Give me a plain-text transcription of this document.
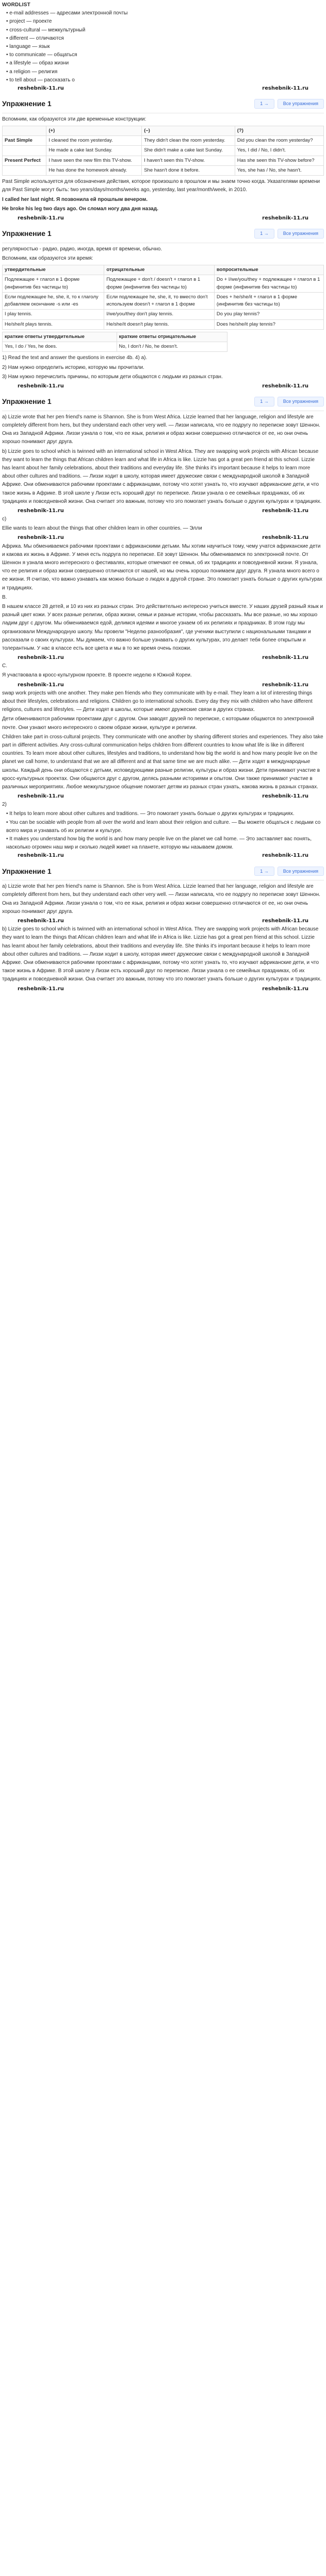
WORDLIST
• e-mail addresses — адресами электронной почты
• project — проекте
• cross-cultural — межкультурный
• different — отличаются
• language — язык
• to communicate — общаться
• a lifestyle — образ жизни
• a religion — религия
• to tell about — рассказать о
reshebnik-11.ru	reshebnik-11.ru
Упражнение 1	1 →	Все упражнения

Вспомним, как образуются эти две временные конструкции:

	(+)	(–)	(?)
Past Simple	I cleaned the room yesterday.	They didn't clean the room yesterday.	Did you clean the room yesterday?
	He made a cake last Sunday.	She didn't make a cake last Sunday.	Yes, I did / No, I didn't.
Present Perfect	I have seen the new film this TV-show.	I haven't seen this TV-show.	Has she seen this TV-show before?
	He has done the homework already.	She hasn't done it before.	Yes, she has / No, she hasn't.

Past Simple используется для обозначения действия, которое произошло в прошлом и мы знаем точно когда. Указателями времени для Past Simple могут быть: two years/days/months/weeks ago, yesterday, last year/month/week, in 2010.

I called her last night. Я позвонила ей прошлым вечером.

He broke his leg two days ago. Он сломал ногу два дня назад.

reshebnik-11.ru	reshebnik-11.ru
Упражнение 1	1 →	Все упражнения

регулярностью - радио, радио, иногда, время от времени, обычно.

Вспомним, как образуются эти время:

утвердительные	отрицательные	вопросительные
Подлежащее + глагол в 1 форме (инфинитив без частицы to)	Подлежащее + don't / doesn't + глагол в 1 форме (инфинитив без частицы to)	Do + I/we/you/they + подлежащее + глагол в 1 форме (инфинитив без частицы to)
Если подлежащее he, she, it, то к глаголу добавляем окончание -s или -es	Если подлежащее he, she, it, то вместо don't используем doesn't + глагол в 1 форме	Does + he/she/it + глагол в 1 форме (инфинитив без частицы to)
I play tennis.	I/we/you/they don't play tennis.	Do you play tennis?
He/she/it plays tennis.	He/she/it doesn't play tennis.	Does he/she/it play tennis?
краткие ответы утвердительные	краткие ответы отрицательные
Yes, I do / Yes, he does.	No, I don't / No, he doesn't.

1) Read the text and answer the questions in exercise 4b. 4) a).

2) Нам нужно определить историю, которую мы прочитали.

3) Нам нужно перечислить причины, по которым дети общаются с людьми из разных стран.

reshebnik-11.ru	reshebnik-11.ru
Упражнение 1	1 →	Все упражнения

a) Lizzie wrote that her pen friend's name is Shannon. She is from West Africa. Lizzie learned that her language, religion and lifestyle are completely different from hers, but they understand each other very well. — Лиззи написала, что ее подругу по переписке зовут Шеннон. Она из Западной Африки. Лиззи узнала о том, что ее язык, религия и образ жизни совершенно отличаются от ее, но они очень хорошо понимают друг друга.

b) Lizzie goes to school which is twinned with an international school in West Africa. They are swapping work projects with African because they want to learn the things that African children learn and what life in Africa is like. Lizzie has got a great pen friend at this school. Lizzie has learnt about her family celebrations, about their traditions and everyday life. She thinks it's important because it helps to learn more about other cultures and traditions. — Лиззи ходит в школу, которая имеет дружеские связи с международной школой в Западной Африке. Они обмениваются рабочими проектами с африканцами, потому что хотят узнать то, что изучают африканские дети, и что такое жизнь в Африке. В этой школе у Лиззи есть хороший друг по переписке. Лиззи узнала о ее семейных праздниках, об их традициях и повседневной жизни. Она считает это важным, потому что это помогает узнать больше о других культурах и традициях.

reshebnik-11.ru	reshebnik-11.ru

c)

Ellie wants to learn about the things that other children learn in other countries. — Элли

reshebnik-11.ru	reshebnik-11.ru

Африка. Мы обмениваемся рабочими проектами с африканскими детьми. Мы хотим научиться тому, чему учатся африканские дети и какова их жизнь в Африке. У меня есть подруга по переписке. Её зовут Шеннон. Мы обмениваемся по электронной почте. От Шеннон я узнала много интересного о фестивалях, которые отмечают ее семья, об их традициях и повседневной жизни. Я узнала, что ее религия и образ жизни совершенно отличаются от нашей, но мы очень хорошо понимаем друг друга. Я узнала много всего о ее жизни. Я считаю, что важно узнавать как можно больше о людях в другой стране. Это помогает узнать больше о других культурах и традициях.

B.

В нашем классе 28 детей, и 10 из них из разных стран. Это действительно интересно учиться вместе. У наших друзей разный язык и разный цвет кожи. У всех разные религии, образ жизни, семьи и разные истории, чтобы рассказать. Мы все разные, но мы хорошо ладим друг с другом. Мы обмениваемся едой, делимся идеями и многое узнаем об их религиях и праздниках. В этом году мы организовали Международную школу. Мы провели "Неделю разнообразия", где ученики выступили с национальными танцами и рассказали о своих культурах. Мы думаем, что важно больше узнавать о других культурах, это делает тебя более открытым и толерантным. У нас в классе есть все цвета и мы в то же время очень похожи.

reshebnik-11.ru	reshebnik-11.ru

C.

Я участвовала в кросс-культурном проекте. В проекте неделю я Южной Кореи.

reshebnik-11.ru	reshebnik-11.ru

swap work projects with one another. They make pen friends who they communicate with by e-mail. They learn a lot of interesting things about their lifestyles, celebrations and religions. Children go to international schools. Every day they mix with children who have different religions, cultures and lifestyles. — Дети ходят в школы, которые имеют дружеские связи в других странах.

Дети обмениваются рабочими проектами друг с другом. Они заводят друзей по переписке, с которыми общаются по электронной почте. Они узнают много интересного о своем образе жизни, культуре и религии.

Children take part in cross-cultural projects. They communicate with one another by sharing different stories and experiences. They also take part in different activities. Any cross-cultural communication helps children from different countries to know what life is like in different countries. To learn more about other cultures, lifestyles and traditions, to understand how big the world is and how many people live on the planet we call home, to understand that we are all different and at that same time we are much alike. — Дети ходят в международные школы. Каждый день они общаются с детьми, исповедующими разные религии, культуры и образ жизни. Дети принимают участие в кросс-культурных проектах. Они общаются друг с другом, делясь разными историями и опытом. Они также принимают участие в различных мероприятиях. Любое межкультурное общение помогает детям из разных стран узнать, какова жизнь в разных странах.

reshebnik-11.ru	reshebnik-11.ru

2)

• It helps to learn more about other cultures and traditions. — Это помогает узнать больше о других культурах и традициях.
• You can be sociable with people from all over the world and learn about their religion and culture. — Вы можете общаться с людьми со всего мира и узнавать об их религии и культуре.
• It makes you understand how big the world is and how many people live on the planet we call home. — Это заставляет вас понять, насколько огромен наш мир и сколько людей живет на планете, которую мы называем домом.
reshebnik-11.ru	reshebnik-11.ru
Упражнение 1	1 →	Все упражнения

a) Lizzie wrote that her pen friend's name is Shannon. She is from West Africa. Lizzie learned that her language, religion and lifestyle are completely different from hers, but they understand each other very well. — Лиззи написала, что ее подругу по переписке зовут Шеннон. Она из Западной Африки. Лиззи узнала о том, что ее язык, религия и образ жизни совершенно отличаются от ее, но они очень хорошо понимают друг друга.

reshebnik-11.ru	reshebnik-11.ru

b) Lizzie goes to school which is twinned with an international school in West Africa. They are swapping work projects with African because they want to learn the things that African children learn and what life in Africa is like. Lizzie has got a great pen friend at this school. Lizzie has learnt about her family celebrations, about their traditions and everyday life. She thinks it's important because it helps to learn more about other cultures and traditions. — Лиззи ходит в школу, которая имеет дружеские связи с международной школой в Западной Африке. Они обмениваются рабочими проектами с африканцами, потому что хотят узнать то, что изучают африканские дети, и что такое жизнь в Африке. В этой школе у Лиззи есть хороший друг по переписке. Лиззи узнала о ее семейных праздниках, об их традициях и повседневной жизни. Она считает это важным, потому что это помогает узнать больше о других культурах и традициях.

reshebnik-11.ru	reshebnik-11.ru
